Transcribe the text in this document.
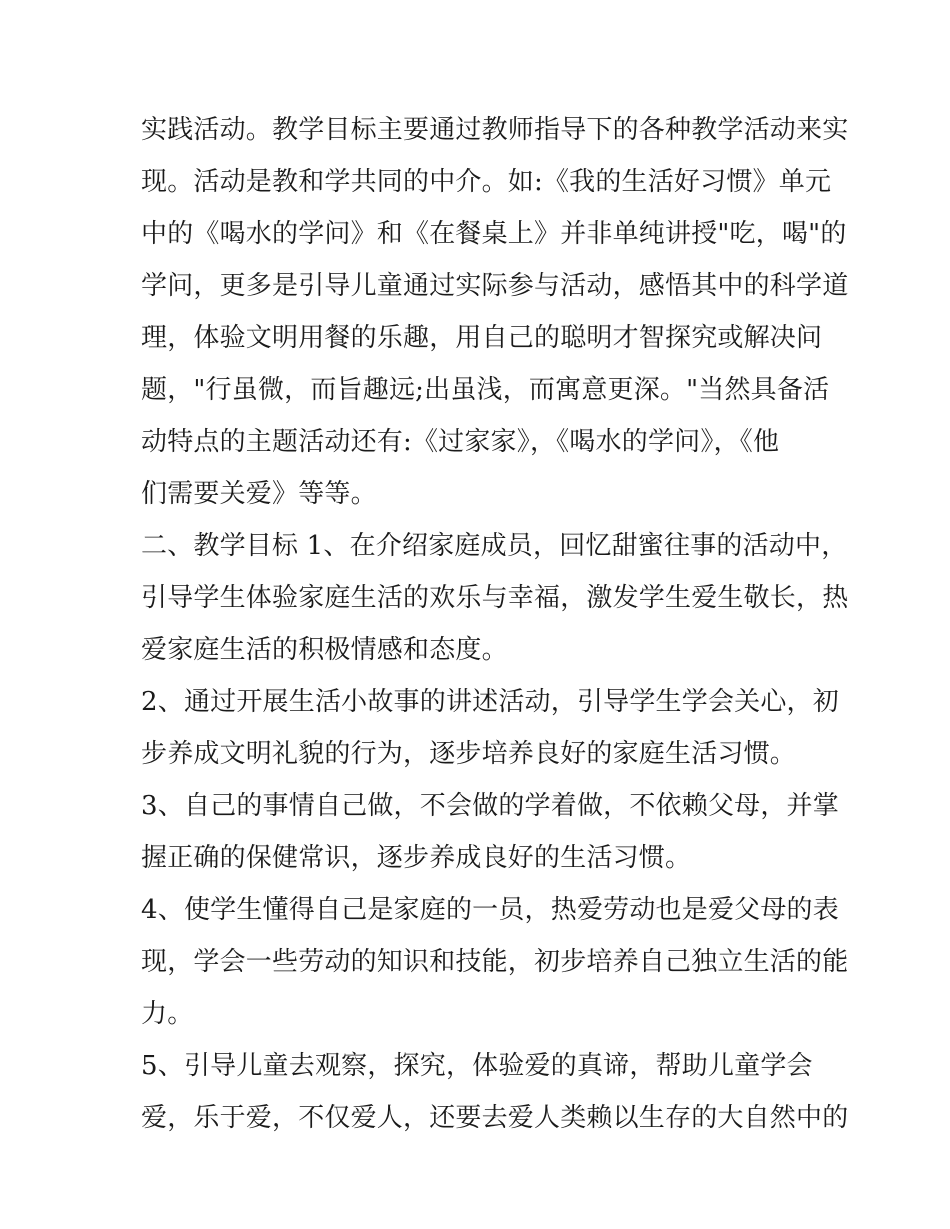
实践活动。教学目标主要通过教师指导下的各种教学活动来实
现。活动是教和学共同的中介。如:《我的生活好习惯》单元
中的《喝水的学问》和《在餐桌上》并非单纯讲授"吃，喝"的
学问，更多是引导儿童通过实际参与活动，感悟其中的科学道
理，体验文明用餐的乐趣，用自己的聪明才智探究或解决问
题，"行虽微，而旨趣远;出虽浅，而寓意更深。"当然具备活
动特点的主题活动还有:《过家家》，《喝水的学问》，《他
们需要关爱》等等。
二、教学目标 1、在介绍家庭成员，回忆甜蜜往事的活动中，
引导学生体验家庭生活的欢乐与幸福，激发学生爱生敬长，热
爱家庭生活的积极情感和态度。
2、通过开展生活小故事的讲述活动，引导学生学会关心，初
步养成文明礼貌的行为，逐步培养良好的家庭生活习惯。
3、自己的事情自己做，不会做的学着做，不依赖父母，并掌
握正确的保健常识，逐步养成良好的生活习惯。
4、使学生懂得自己是家庭的一员，热爱劳动也是爱父母的表
现，学会一些劳动的知识和技能，初步培养自己独立生活的能
力。
5、引导儿童去观察，探究，体验爱的真谛，帮助儿童学会
爱，乐于爱，不仅爱人，还要去爱人类赖以生存的大自然中的
